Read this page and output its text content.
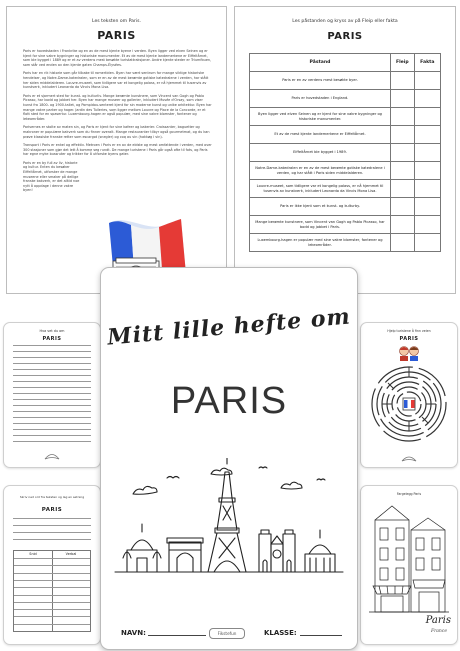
Les teksten om Paris.
PARIS

Paris er hovedstaden i Frankrike og en av de mest kjente byene i verden. Byen ligger ved elven Seinen og er kjent for sine vakre bygninger og historiske monumenter. Et av de mest kjente landemerkene er Eiffeltårnet, som ble bygget i 1889 og er et av verdens mest besøkte turistattraksjoner. Andre kjente steder er Triumfbuen, som står ved enden av den kjente gaten Champs-Élysées.

Paris har en rik historie som går tilbake til romertiden. Byen har vært sentrum for mange viktige historiske hendelser, og Notre-Dame-katedralen, som er en av de mest berømte gotiske katedralene i verden, har stått her siden middelalderen. Louvre-museet, som tidligere var et kongelig palass, er nå hjemmet til tusenvis av kunstverk, inkludert Leonardo da Vincis Mona Lisa.

Paris er et sjarmert sted for kunst- og kulturliv. Mange berømte kunstnere, som Vincent van Gogh og Pablo Picasso, har bodd og jobbet her. Byen har mange museer og gallerier, inkludert Musée d'Orsay, som viser kunst fra 1800- og 1900-tallet, og Pompidou-senteret kjent for sin moderne kunst og unike arkitektur. Byen har mange vakre parker og hager. Jardin des Tuileries, som ligger mellom Louvre og Place de la Concorde, er et flott sted for en spasertur. Luxembourg-hagen er også populær, med sine vakre blomster, fontener og lekeområder.

Parisernes er stolte av maten sin, og Paris er kjent for sine kafeer og bakerier. Croissanter, baguetter og makroner er populære bakverk som du finner overalt. Mange restauranter tilbyr også gourmetmat, og du kan prøve klassiske franske retter som escargot (snegler) og coq au vin (hakkøg i vin).

Transport i Paris er enkel og effektiv. Metroen i Paris er en av de eldste og mest omfattende i verden, med over 300 stasjoner som gjør det lett å komme seg rundt. De mange turistene i Paris går også ofte til fots, og Paris har egne myke bussruter og trikker for å utforske byens gater.

Paris er en by full av liv, historie og kultur. Enten du besøker Eiffeltårnet, utforsker de mange museene eller smaker på deilige franske bakverk, er det alltid noe nytt å oppdage i denne vakre byen!

Les påstanden og kryss av på Fleip eller fakta
PARIS
Påstand	Fleip	Fakta
Paris er en av verdens mest besøkte byer.		
Paris er hovedstaden i England.		
Byen ligger ved elven Seinen og er kjent for sine vakre bygninger og historiske monumenter.		
Et av de mest kjente landemerkene er Eiffeltårnet.		
Eiffeltårnet ble bygget i 1989.		
Notre-Dame-katedralen er en av de mest berømte gotiske katedralene i verden, og har stått i Paris siden middelalderen.		
Louvre-museet, som tidligere var et kongelig palass, er nå hjemmet til tusenvis av kunstverk, inkludert Leonardo da Vincis Mona Lisa.		
Paris er ikke kjent som et kunst- og kulturby.		
Mange berømte kunstnere, som Vincent van Gogh og Pablo Picasso, har bodd og jobbet i Paris.		
Luxembourg-hagen er populær med sine vakre blomster, fontener og lekeområder.		
Hva vet du om
PARIS
Skriv ned ord fra teksten og lag en setning
PARIS
Snid	Verbal
Hjelp turistene å finn veien
PARIS
Fargelegg Paris
Paris
France
Mitt lille hefte om
PARIS
NAVN:	Fikstefun	KLASSE:
